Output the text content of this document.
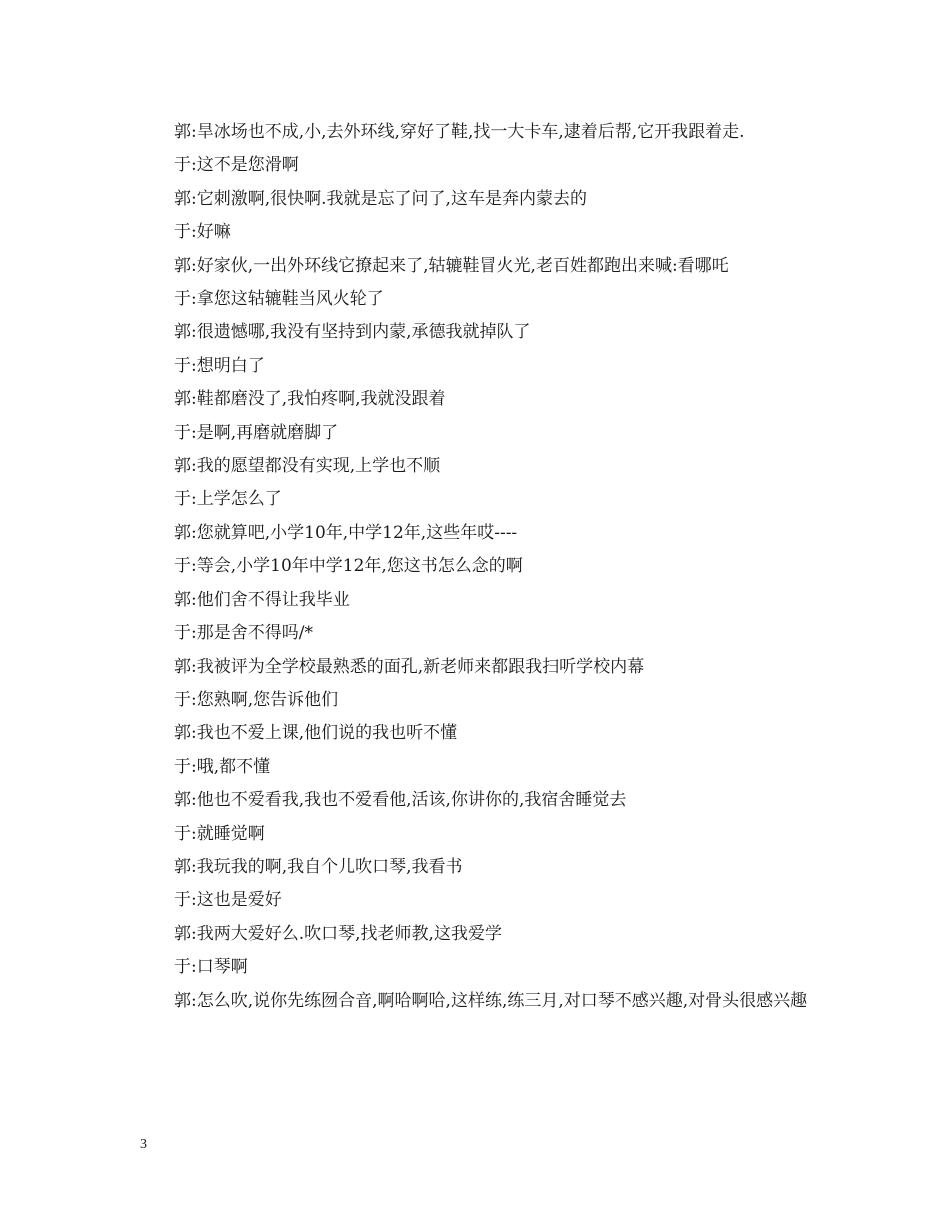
郭:旱冰场也不成,小,去外环线,穿好了鞋,找一大卡车,逮着后帮,它开我跟着走.

于:这不是您滑啊

郭:它刺激啊,很快啊.我就是忘了问了,这车是奔内蒙去的

于:好嘛

郭:好家伙,一出外环线它撩起来了,轱辘鞋冒火光,老百姓都跑出来喊:看哪吒

于:拿您这轱辘鞋当风火轮了

郭:很遗憾哪,我没有坚持到内蒙,承德我就掉队了

于:想明白了

郭:鞋都磨没了,我怕疼啊,我就没跟着

于:是啊,再磨就磨脚了

郭:我的愿望都没有实现,上学也不顺

于:上学怎么了

郭:您就算吧,小学10年,中学12年,这些年哎----

于:等会,小学10年中学12年,您这书怎么念的啊

郭:他们舍不得让我毕业

于:那是舍不得吗/*

郭:我被评为全学校最熟悉的面孔,新老师来都跟我扫听学校内幕

于:您熟啊,您告诉他们

郭:我也不爱上课,他们说的我也听不懂

于:哦,都不懂

郭:他也不爱看我,我也不爱看他,活该,你讲你的,我宿舍睡觉去

于:就睡觉啊

郭:我玩我的啊,我自个儿吹口琴,我看书

于:这也是爱好

郭:我两大爱好么.吹口琴,找老师教,这我爱学

于:口琴啊

郭:怎么吹,说你先练囫合音,啊哈啊哈,这样练,练三月,对口琴不感兴趣,对骨头很感兴趣

3
